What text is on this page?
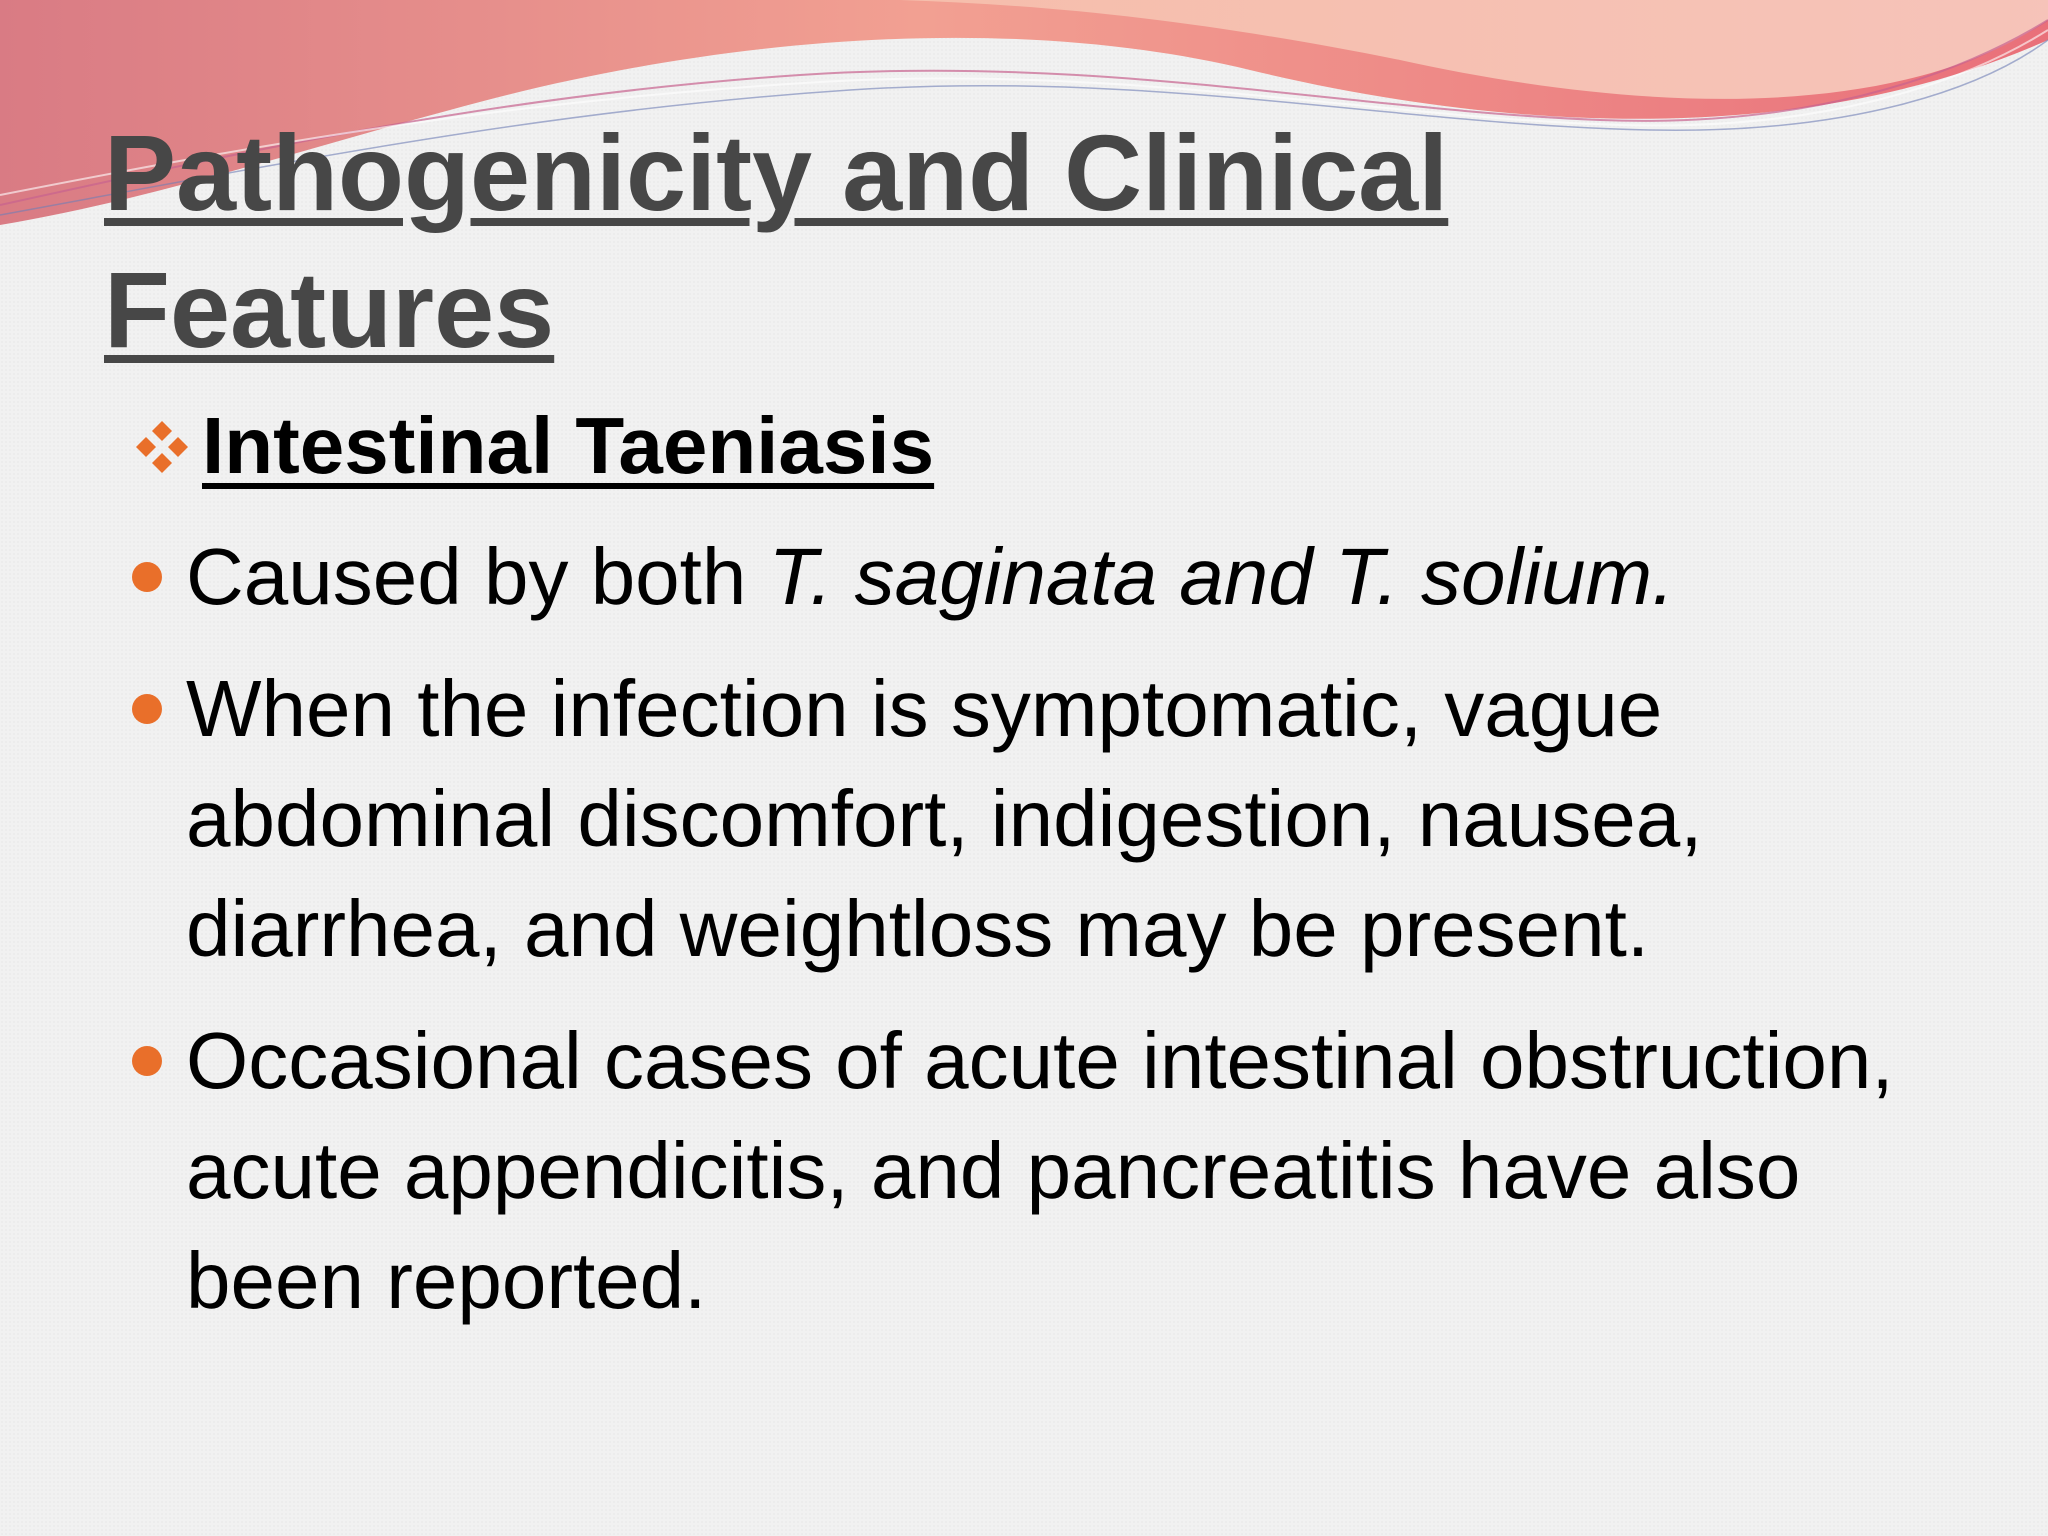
Pathogenicity and Clinical
Features
Intestinal Taeniasis
Caused by both T. saginata and T. solium.
When the infection is symptomatic, vague abdominal discomfort, indigestion, nausea, diarrhea, and weightloss may be present.
Occasional cases of acute intestinal obstruction, acute appendicitis, and pancreatitis have also been reported.
